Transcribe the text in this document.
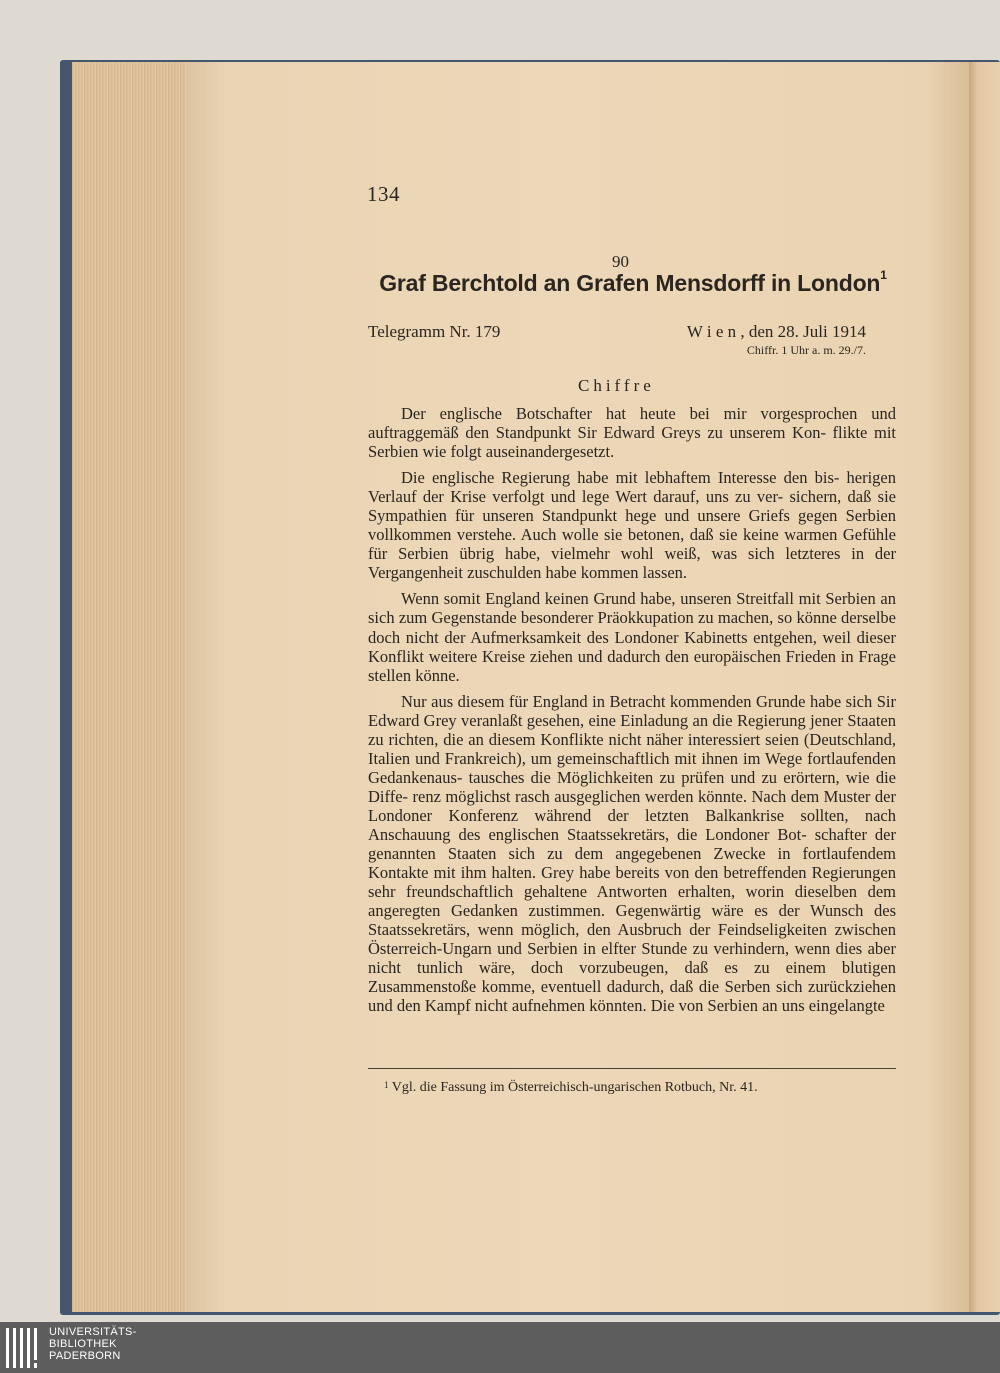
134
90
Graf Berchtold an Grafen Mensdorff in London$^1$
Telegramm Nr. 179	W i e n , den 28. Juli 1914
Chiffr. 1 Uhr a. m. 29./7.
Chiffre

Der englische Botschafter hat heute bei mir vorgesprochen und auftraggemäß den Standpunkt Sir Edward Greys zu unserem Kon- flikte mit Serbien wie folgt auseinandergesetzt.

Die englische Regierung habe mit lebhaftem Interesse den bis- herigen Verlauf der Krise verfolgt und lege Wert darauf, uns zu ver- sichern, daß sie Sympathien für unseren Standpunkt hege und unsere Griefs gegen Serbien vollkommen verstehe. Auch wolle sie betonen, daß sie keine warmen Gefühle für Serbien übrig habe, vielmehr wohl weiß, was sich letzteres in der Vergangenheit zuschulden habe kommen lassen.

Wenn somit England keinen Grund habe, unseren Streitfall mit Serbien an sich zum Gegenstande besonderer Präokkupation zu machen, so könne derselbe doch nicht der Aufmerksamkeit des Londoner Kabinetts entgehen, weil dieser Konflikt weitere Kreise ziehen und dadurch den europäischen Frieden in Frage stellen könne.

Nur aus diesem für England in Betracht kommenden Grunde habe sich Sir Edward Grey veranlaßt gesehen, eine Einladung an die Regierung jener Staaten zu richten, die an diesem Konflikte nicht näher interessiert seien (Deutschland, Italien und Frankreich), um gemeinschaftlich mit ihnen im Wege fortlaufenden Gedankenaus- tausches die Möglichkeiten zu prüfen und zu erörtern, wie die Diffe- renz möglichst rasch ausgeglichen werden könnte. Nach dem Muster der Londoner Konferenz während der letzten Balkankrise sollten, nach Anschauung des englischen Staatssekretärs, die Londoner Bot- schafter der genannten Staaten sich zu dem angegebenen Zwecke in fortlaufendem Kontakte mit ihm halten. Grey habe bereits von den betreffenden Regierungen sehr freundschaftlich gehaltene Antworten erhalten, worin dieselben dem angeregten Gedanken zustimmen. Gegenwärtig wäre es der Wunsch des Staatssekretärs, wenn möglich, den Ausbruch der Feindseligkeiten zwischen Österreich-Ungarn und Serbien in elfter Stunde zu verhindern, wenn dies aber nicht tunlich wäre, doch vorzubeugen, daß es zu einem blutigen Zusammenstoße komme, eventuell dadurch, daß die Serben sich zurückziehen und den Kampf nicht aufnehmen könnten. Die von Serbien an uns eingelangte

$^1$ Vgl. die Fassung im Österreichisch-ungarischen Rotbuch, Nr. 41.
UNIVERSITÄTS-
BIBLIOTHEK
PADERBORN
